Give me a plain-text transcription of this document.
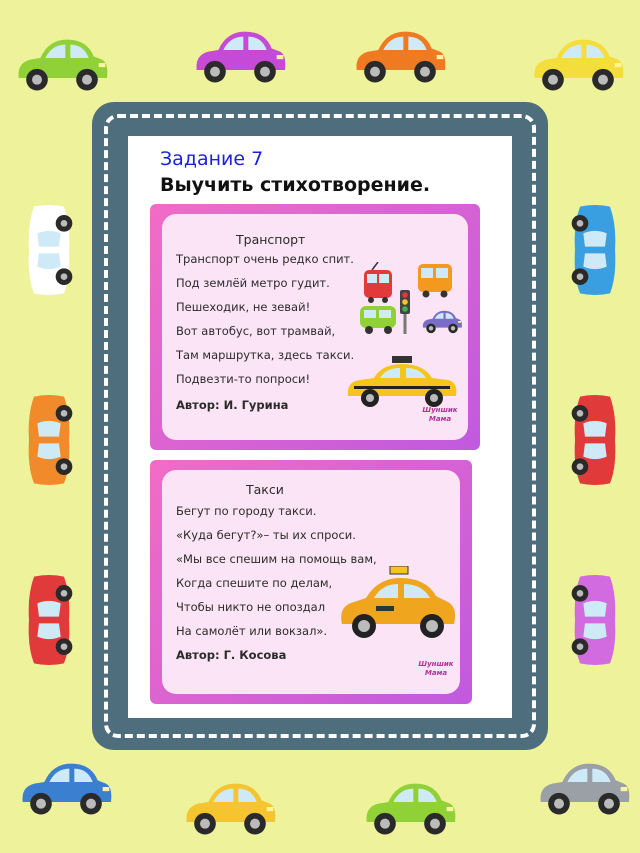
Задание 7

Выучить стихотворение.

Транспорт
Транспорт очень редко спит.
Под землёй метро гудит.
Пешеходик, не зевай!
Вот автобус, вот трамвай,
Там маршрутка, здесь такси.
Подвезти-то попроси!
Автор: И. Гурина	Шуншик Мама
Такси
Бегут по городу такси.
«Куда бегут?»– ты их спроси.
«Мы все спешим на помощь вам,
Когда спешите по делам,
Чтобы никто не опоздал
На самолёт или вокзал».
Автор: Г. Косова
Шуншик Мама
